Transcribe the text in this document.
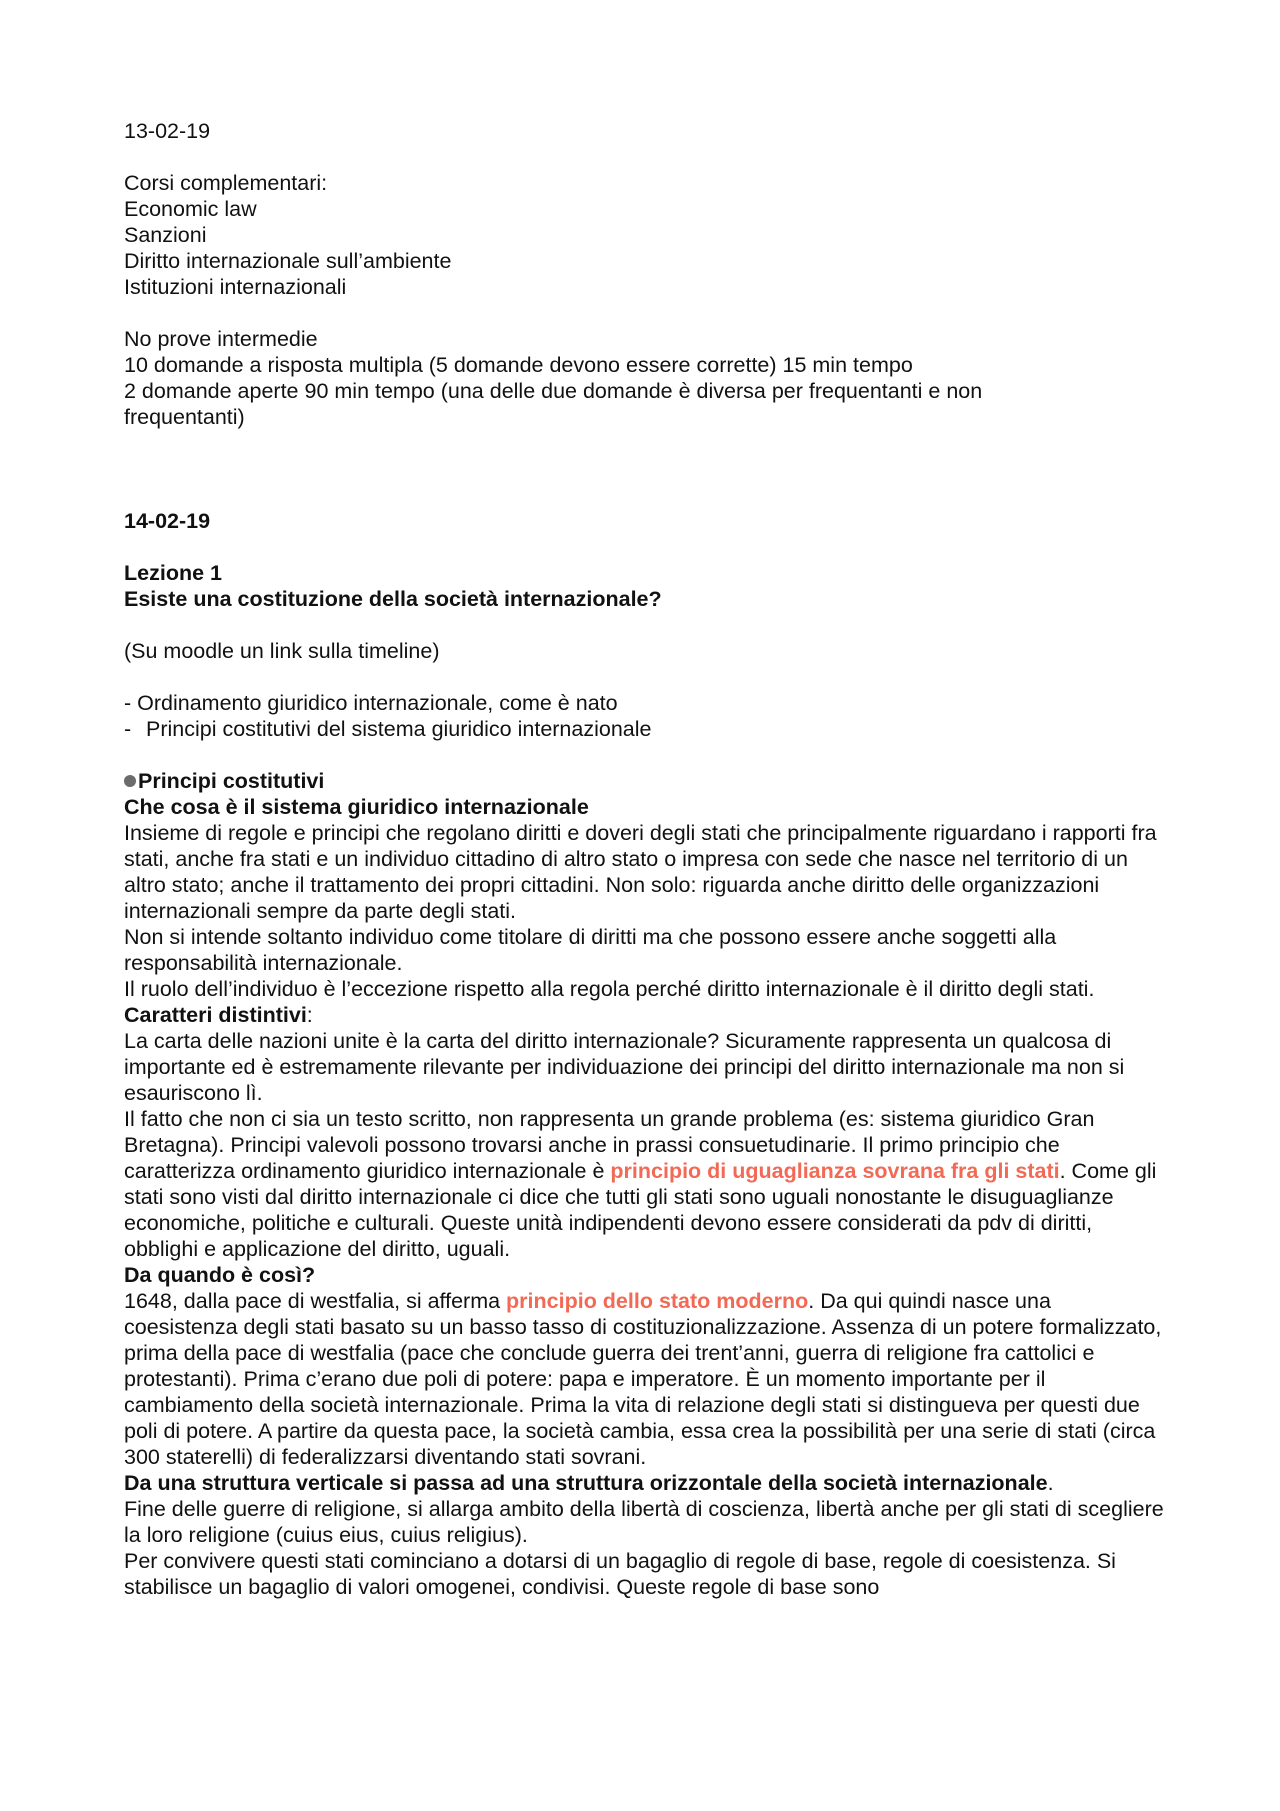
13-02-19
Corsi complementari:
Economic law
Sanzioni
Diritto internazionale sull’ambiente
Istituzioni internazionali
No prove intermedie
10 domande a risposta multipla (5 domande devono essere corrette) 15 min tempo
2 domande aperte 90 min tempo (una delle due domande è diversa per frequentanti e non frequentanti)
14-02-19
Lezione 1
Esiste una costituzione della società internazionale?
(Su moodle un link sulla timeline)
- Ordinamento giuridico internazionale, come è nato
- Principi costitutivi del sistema giuridico internazionale
Principi costitutivi
Che cosa è il sistema giuridico internazionale
Insieme di regole e principi che regolano diritti e doveri degli stati che principalmente riguardano i rapporti fra stati, anche fra stati e un individuo cittadino di altro stato o impresa con sede che nasce nel territorio di un altro stato; anche il trattamento dei propri cittadini. Non solo: riguarda anche diritto delle organizzazioni internazionali sempre da parte degli stati.
Non si intende soltanto individuo come titolare di diritti ma che possono essere anche soggetti alla responsabilità internazionale.
Il ruolo dell’individuo è l’eccezione rispetto alla regola perché diritto internazionale è il diritto degli stati.
Caratteri distintivi:
La carta delle nazioni unite è la carta del diritto internazionale? Sicuramente rappresenta un qualcosa di importante ed è estremamente rilevante per individuazione dei principi del diritto internazionale ma non si esauriscono lì.
Il fatto che non ci sia un testo scritto, non rappresenta un grande problema (es: sistema giuridico Gran Bretagna). Principi valevoli possono trovarsi anche in prassi consuetudinarie. Il primo principio che caratterizza ordinamento giuridico internazionale è principio di uguaglianza sovrana fra gli stati. Come gli stati sono visti dal diritto internazionale ci dice che tutti gli stati sono uguali nonostante le disuguaglianze economiche, politiche e culturali. Queste unità indipendenti devono essere considerati da pdv di diritti, obblighi e applicazione del diritto, uguali.
Da quando è così?
1648, dalla pace di westfalia, si afferma principio dello stato moderno. Da qui quindi nasce una coesistenza degli stati basato su un basso tasso di costituzionalizzazione. Assenza di un potere formalizzato, prima della pace di westfalia (pace che conclude guerra dei trent’anni, guerra di religione fra cattolici e protestanti). Prima c’erano due poli di potere: papa e imperatore. È un momento importante per il cambiamento della società internazionale. Prima la vita di relazione degli stati si distingueva per questi due poli di potere. A partire da questa pace, la società cambia, essa crea la possibilità per una serie di stati (circa 300 staterelli) di federalizzarsi diventando stati sovrani.
Da una struttura verticale si passa ad una struttura orizzontale della società internazionale.
Fine delle guerre di religione, si allarga ambito della libertà di coscienza, libertà anche per gli stati di scegliere la loro religione (cuius eius, cuius religius).
Per convivere questi stati cominciano a dotarsi di un bagaglio di regole di base, regole di coesistenza. Si stabilisce un bagaglio di valori omogenei, condivisi. Queste regole di base sono
